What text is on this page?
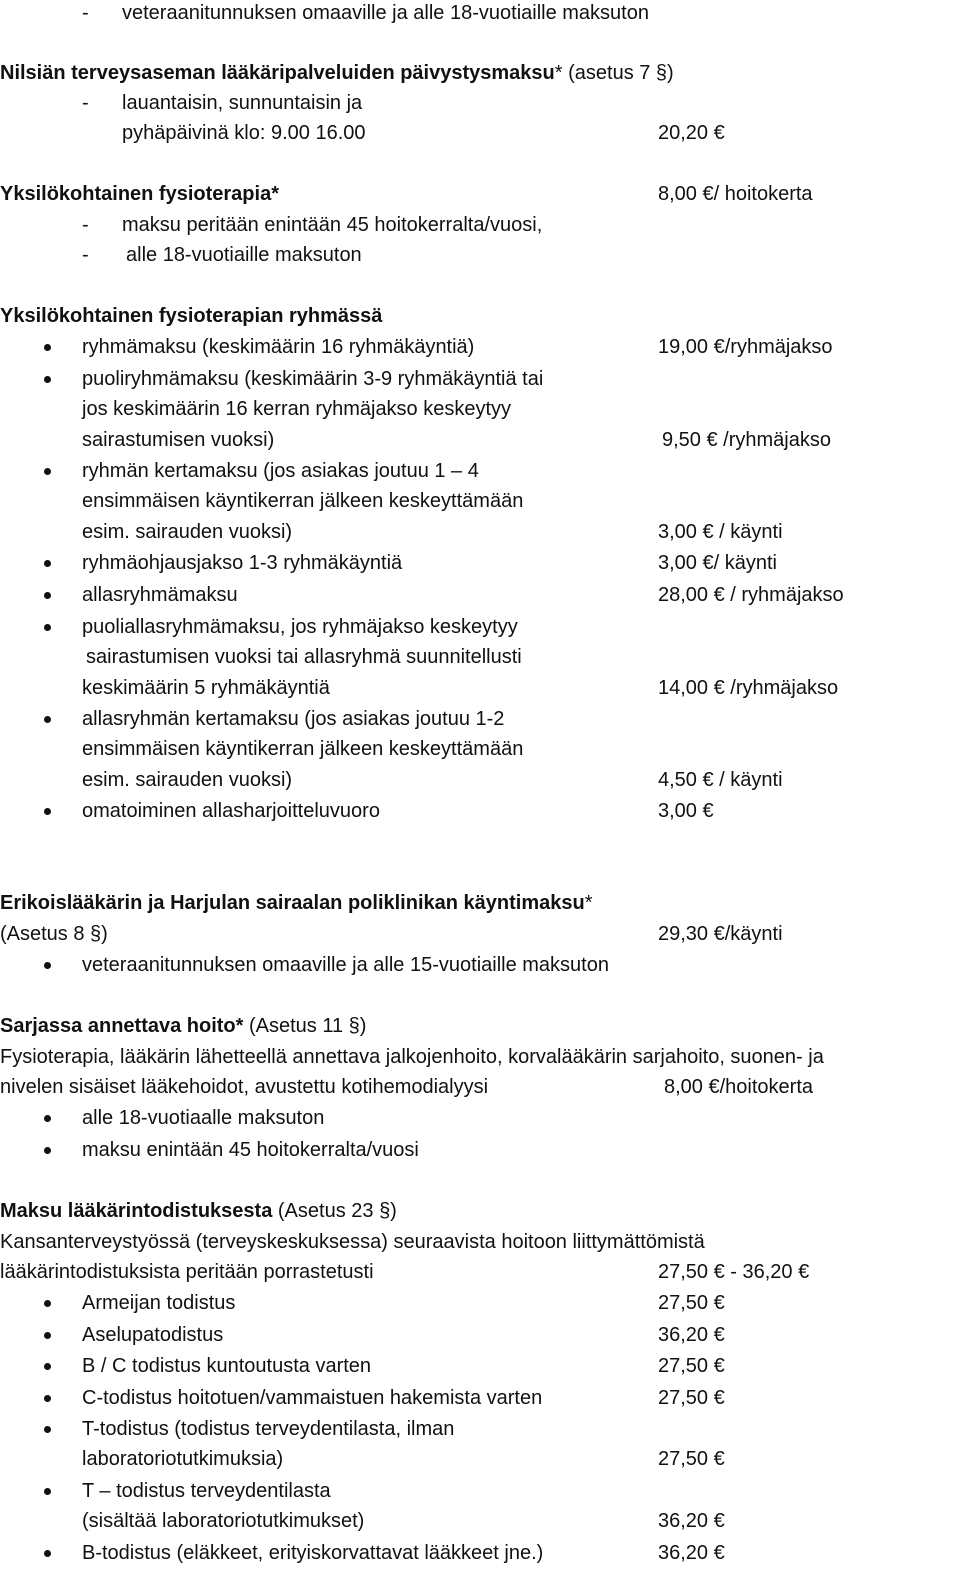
- veteraanitunnuksen omaaville ja alle 18-vuotiaille maksuton
Nilsiän terveysaseman lääkäripalveluiden päivystysmaksu* (asetus 7 §)
- lauantaisin, sunnuntaisin ja
pyhäpäivinä klo: 9.00 16.00	20,20 €
Yksilökohtainen fysioterapia*	8,00 €/ hoitokerta
- maksu peritään enintään 45 hoitokerralta/vuosi,
- alle 18-vuotiaille maksuton
Yksilökohtainen fysioterapian ryhmässä
ryhmämaksu (keskimäärin 16 ryhmäkäyntiä)	19,00 €/ryhmäjakso
puoliryhmämaksu (keskimäärin 3-9 ryhmäkäyntiä tai
jos keskimäärin 16 kerran ryhmäjakso keskeytyy
sairastumisen vuoksi)	9,50 € /ryhmäjakso
ryhmän kertamaksu (jos asiakas joutuu 1 – 4
ensimmäisen käyntikerran jälkeen keskeyttämään
esim. sairauden vuoksi)	3,00 € / käynti
ryhmäohjausjakso 1-3 ryhmäkäyntiä	3,00 €/ käynti
allasryhmämaksu	28,00 € / ryhmäjakso
puoliallasryhmämaksu, jos ryhmäjakso keskeytyy
sairastumisen vuoksi tai allasryhmä suunnitellusti
keskimäärin 5 ryhmäkäyntiä	14,00 € /ryhmäjakso
allasryhmän kertamaksu (jos asiakas joutuu 1-2
ensimmäisen käyntikerran jälkeen keskeyttämään
esim. sairauden vuoksi)	4,50 € / käynti
omatoiminen allasharjoitteluvuoro	3,00 €
Erikoislääkärin ja Harjulan sairaalan poliklinikan käyntimaksu*
(Asetus 8 §)	29,30 €/käynti
veteraanitunnuksen omaaville ja alle 15-vuotiaille maksuton
Sarjassa annettava hoito* (Asetus 11 §)
Fysioterapia, lääkärin lähetteellä annettava jalkojenhoito, korvalääkärin sarjahoito, suonen- ja
nivelen sisäiset lääkehoidot, avustettu kotihemodialyysi	8,00 €/hoitokerta
alle 18-vuotiaalle maksuton
maksu enintään 45 hoitokerralta/vuosi
Maksu lääkärintodistuksesta (Asetus 23 §)
Kansanterveystyössä (terveyskeskuksessa) seuraavista hoitoon liittymättömistä
lääkärintodistuksista peritään porrastetusti	27,50 € - 36,20 €
Armeijan todistus	27,50 €
Aselupatodistus	36,20 €
B / C todistus kuntoutusta varten	27,50 €
C-todistus hoitotuen/vammaistuen hakemista varten	27,50 €
T-todistus (todistus terveydentilasta, ilman
laboratoriotutkimuksia)	27,50 €
T – todistus terveydentilasta
(sisältää laboratoriotutkimukset)	36,20 €
B-todistus (eläkkeet, erityiskorvattavat lääkkeet jne.)	36,20 €
